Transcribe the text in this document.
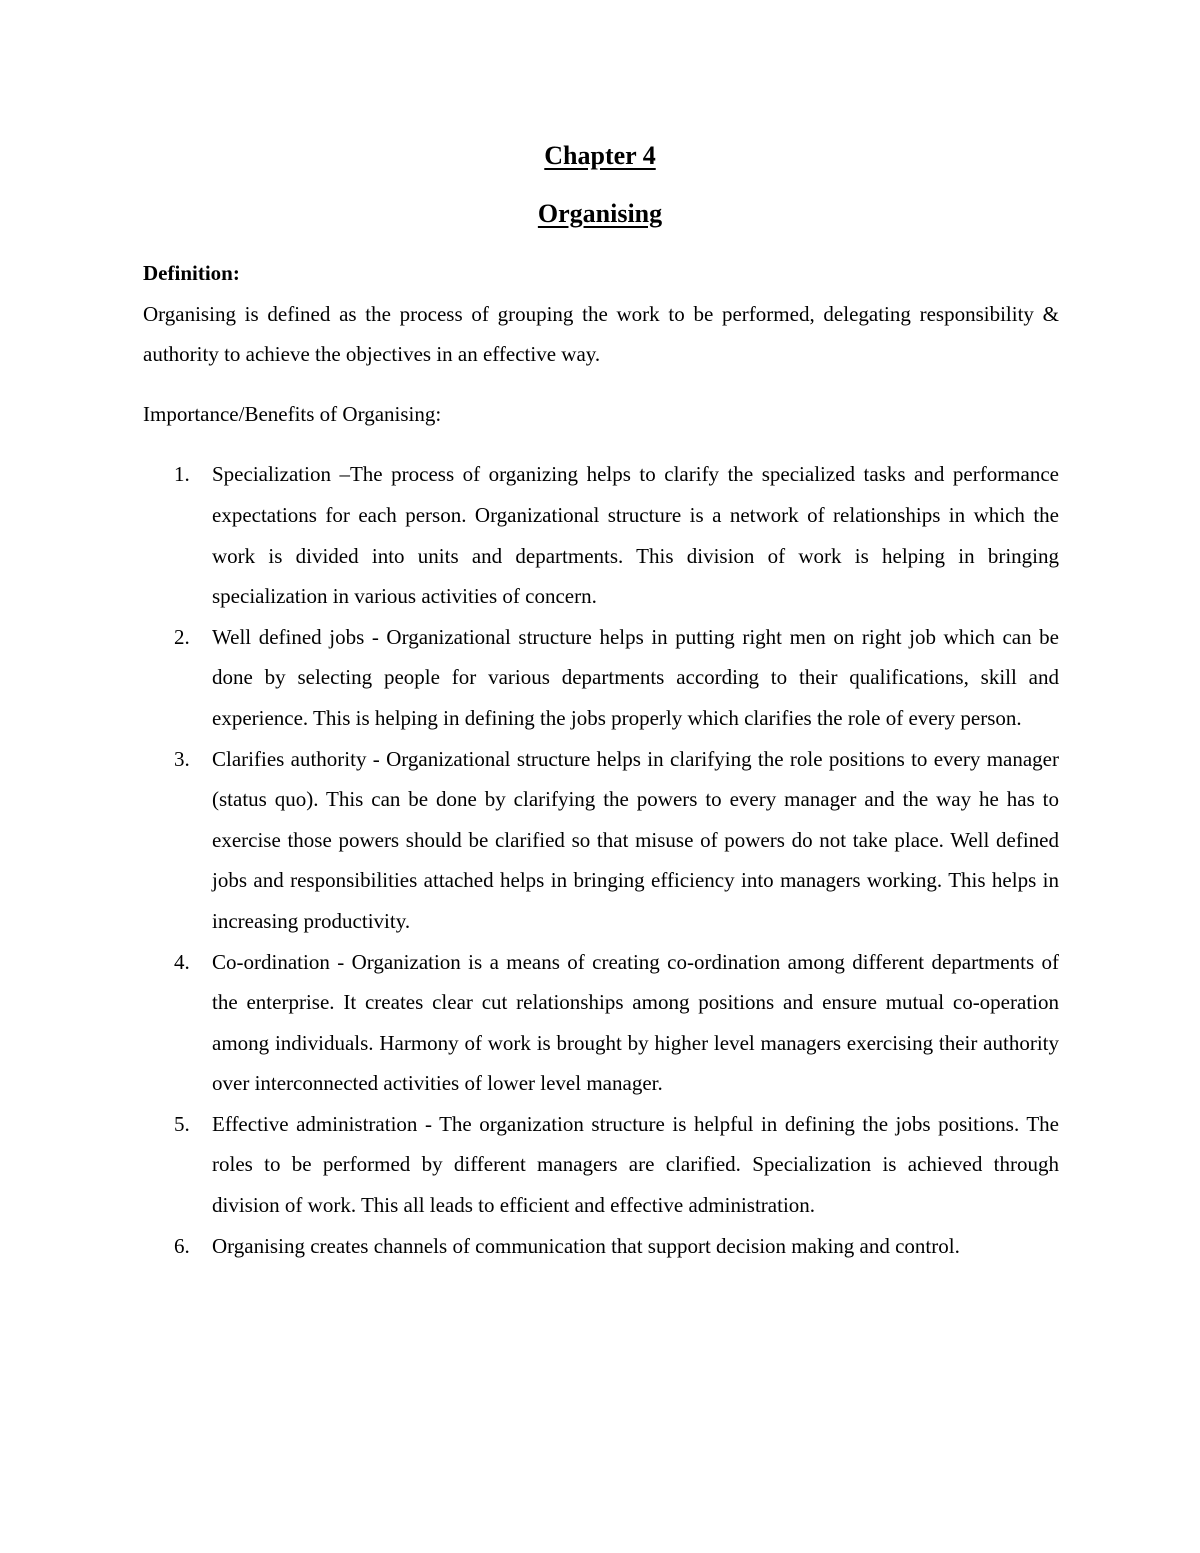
Chapter 4
Organising

Definition:

Organising is defined as the process of grouping the work to be performed, delegating responsibility & authority to achieve the objectives in an effective way.

Importance/Benefits of Organising:

1. Specialization –The process of organizing helps to clarify the specialized tasks and performance expectations for each person. Organizational structure is a network of relationships in which the work is divided into units and departments. This division of work is helping in bringing specialization in various activities of concern.
2. Well defined jobs - Organizational structure helps in putting right men on right job which can be done by selecting people for various departments according to their qualifications, skill and experience. This is helping in defining the jobs properly which clarifies the role of every person.
3. Clarifies authority - Organizational structure helps in clarifying the role positions to every manager (status quo). This can be done by clarifying the powers to every manager and the way he has to exercise those powers should be clarified so that misuse of powers do not take place. Well defined jobs and responsibilities attached helps in bringing efficiency into managers working. This helps in increasing productivity.
4. Co-ordination - Organization is a means of creating co-ordination among different departments of the enterprise. It creates clear cut relationships among positions and ensure mutual co-operation among individuals. Harmony of work is brought by higher level managers exercising their authority over interconnected activities of lower level manager.
5. Effective administration - The organization structure is helpful in defining the jobs positions. The roles to be performed by different managers are clarified. Specialization is achieved through division of work. This all leads to efficient and effective administration.
6. Organising creates channels of communication that support decision making and control.
